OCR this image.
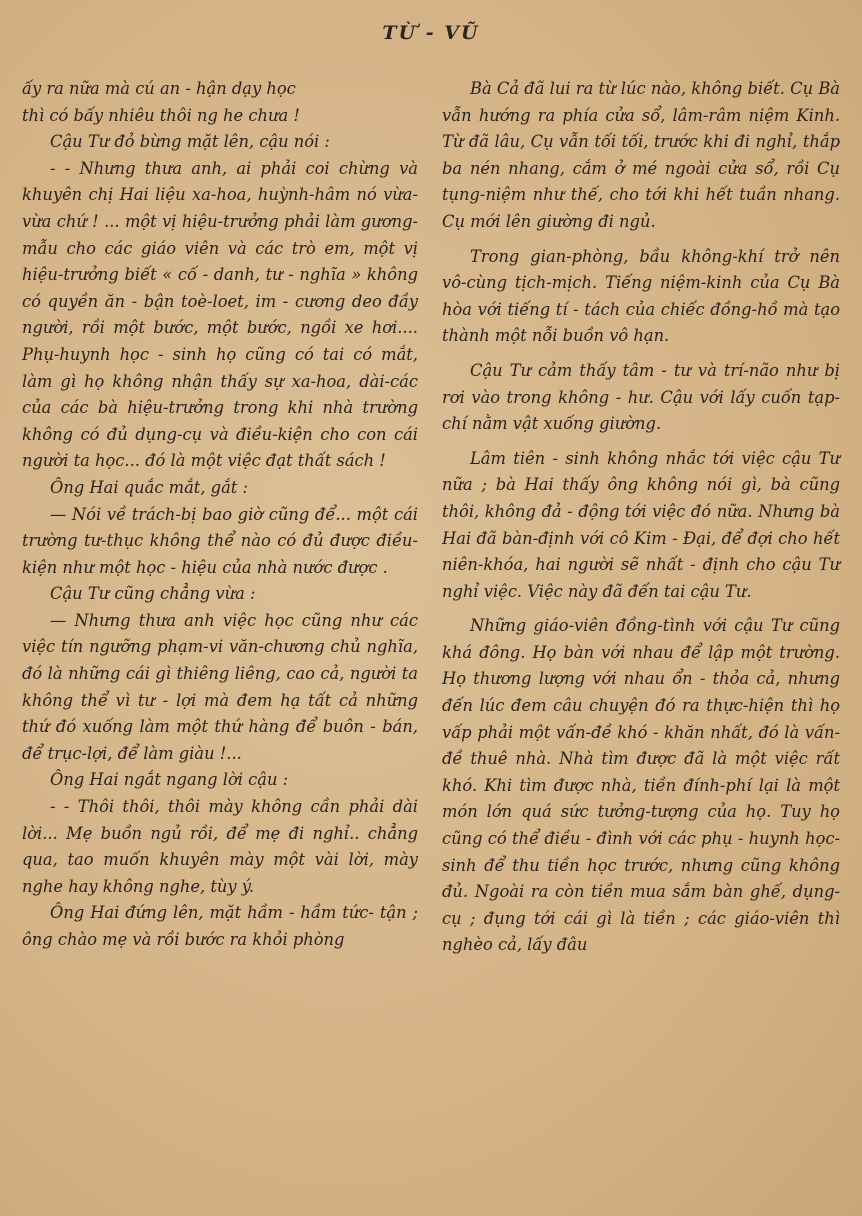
TỪ - VŨ

ấy ra nữa mà cú an - hận dạy học

thì có bấy nhiêu thôi ng he chưa !

Cậu Tư đỏ bừng mặt lên, cậu nói :

- - Nhưng thưa anh, ai phải coi chừng và khuyên chị Hai liệu xa-hoa, huỳnh-hâm nó vừa-vừa chứ ! ... một vị hiệu-trưởng phải làm gương-mẫu cho các giáo viên và các trò em, một vị hiệu-trưởng biết « cố - danh, tư - nghĩa » không có quyền ăn - bận toè-loet, im - cương deo đầy người, rồi một bước, một bước, ngồi xe hơi.... Phụ-huynh học - sinh họ cũng có tai có mắt, làm gì họ không nhận thấy sự xa-hoa, dài-các của các bà hiệu-trưởng trong khi nhà trường không có đủ dụng-cụ và điều-kiện cho con cái người ta học... đó là một việc đạt thất sách !

Ông Hai quắc mắt, gắt :

— Nói về trách-bị bao giờ cũng để... một cái trường tư-thục không thể nào có đủ được điều-kiện như một học - hiệu của nhà nước được .

Cậu Tư cũng chẳng vừa :

— Nhưng thưa anh việc học cũng như các việc tín ngưỡng phạm-vi văn-chương chủ nghĩa, đó là những cái gì thiêng liêng, cao cả, người ta không thể vì tư - lợi mà đem hạ tất cả những thứ đó xuống làm một thứ hàng để buôn - bán, để trục-lợi, để làm giàu !...

Ông Hai ngắt ngang lời cậu :

- - Thôi thôi, thôi mày không cần phải dài lời... Mẹ buồn ngủ rồi, để mẹ đi nghỉ.. chẳng qua, tao muốn khuyên mày một vài lời, mày nghe hay không nghe, tùy ý.

Ông Hai đứng lên, mặt hầm - hầm tức- tận ; ông chào mẹ và rồi bước ra khỏi phòng

Bà Cả đã lui ra từ lúc nào, không biết. Cụ Bà vẫn hướng ra phía cửa sổ, lâm-râm niệm Kinh. Từ đã lâu, Cụ vẫn tối tối, trước khi đi nghỉ, thắp ba nén nhang, cắm ở mé ngoài cửa sổ, rồi Cụ tụng-niệm như thế, cho tới khi hết tuần nhang. Cụ mới lên giường đi ngủ.

Trong gian-phòng, bầu không-khí trở nên vô-cùng tịch-mịch. Tiếng niệm-kinh của Cụ Bà hòa với tiếng tí - tách của chiếc đồng-hồ mà tạo thành một nỗi buồn vô hạn.

Cậu Tư cảm thấy tâm - tư và trí-não như bị rơi vào trong không - hư. Cậu với lấy cuốn tạp-chí nằm vật xuống giường.

Lâm tiên - sinh không nhắc tới việc cậu Tư nữa ; bà Hai thấy ông không nói gì, bà cũng thôi, không đả - động tới việc đó nữa. Nhưng bà Hai đã bàn-định với cô Kim - Đại, để đợi cho hết niên-khóa, hai người sẽ nhất - định cho cậu Tư nghỉ việc. Việc này đã đến tai cậu Tư.

Những giáo-viên đồng-tình với cậu Tư cũng khá đông. Họ bàn với nhau để lập một trường. Họ thương lượng với nhau ổn - thỏa cả, nhưng đến lúc đem câu chuyện đó ra thực-hiện thì họ vấp phải một vấn-đề khó - khăn nhất, đó là vấn-đề thuê nhà. Nhà tìm được đã là một việc rất khó. Khi tìm được nhà, tiền đính-phí lại là một món lớn quá sức tưởng-tượng của họ. Tuy họ cũng có thể điều - đình với các phụ - huynh học-sinh để thu tiền học trước, nhưng cũng không đủ. Ngoài ra còn tiền mua sắm bàn ghế, dụng-cụ ; đụng tới cái gì là tiền ; các giáo-viên thì nghèo cả, lấy đâu
